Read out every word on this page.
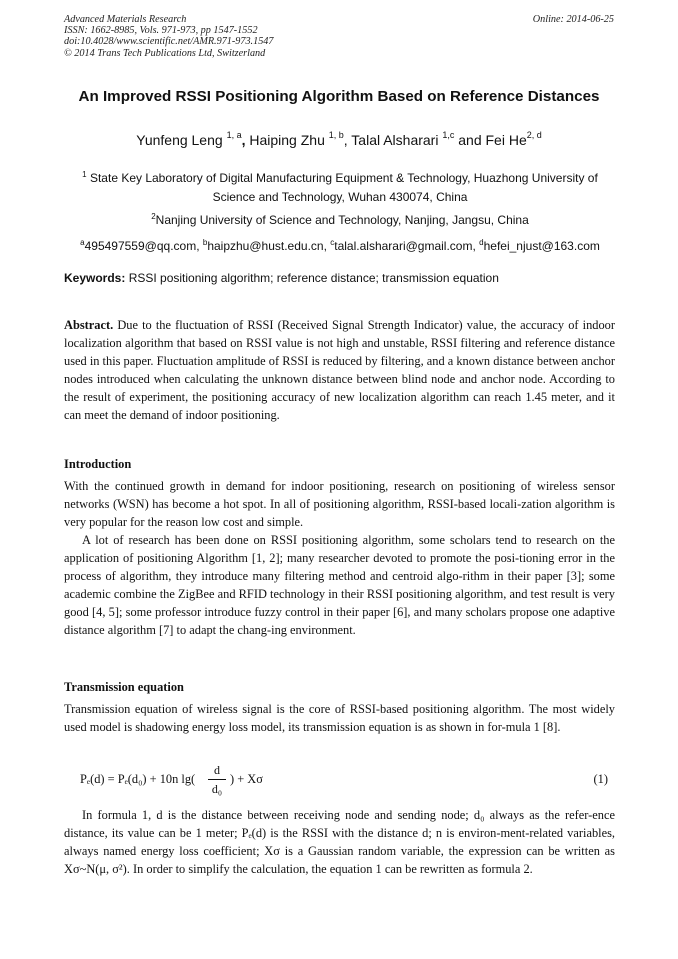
Advanced Materials Research
ISSN: 1662-8985, Vols. 971-973, pp 1547-1552
doi:10.4028/www.scientific.net/AMR.971-973.1547
© 2014 Trans Tech Publications Ltd, Switzerland
Online: 2014-06-25
An Improved RSSI Positioning Algorithm Based on Reference Distances
Yunfeng Leng $^{1, a}$, Haiping Zhu $^{1, b}$, Talal Alsharari $^{1,c}$ and Fei He$^{2, d}$
$^1$ State Key Laboratory of Digital Manufacturing Equipment & Technology, Huazhong University of
Science and Technology, Wuhan 430074, China
$^2$Nanjing University of Science and Technology, Nanjing, Jangsu, China
$^a$495497559@qq.com, $^b$haipzhu@hust.edu.cn, $^c$talal.alsharari@gmail.com, $^d$hefei_njust@163.com
Keywords: RSSI positioning algorithm; reference distance; transmission equation
Abstract. Due to the fluctuation of RSSI (Received Signal Strength Indicator) value, the accuracy of indoor localization algorithm that based on RSSI value is not high and unstable, RSSI filtering and reference distance used in this paper. Fluctuation amplitude of RSSI is reduced by filtering, and a known distance between anchor nodes introduced when calculating the unknown distance between blind node and anchor node. According to the result of experiment, the positioning accuracy of new localization algorithm can reach 1.45 meter, and it can meet the demand of indoor positioning.
Introduction
With the continued growth in demand for indoor positioning, research on positioning of wireless sensor networks (WSN) has become a hot spot. In all of positioning algorithm, RSSI-based locali-zation algorithm is very popular for the reason low cost and simple.
A lot of research has been done on RSSI positioning algorithm, some scholars tend to research on the application of positioning Algorithm [1, 2]; many researcher devoted to promote the posi-tioning error in the process of algorithm, they introduce many filtering method and centroid algo-rithm in their paper [3]; some academic combine the ZigBee and RFID technology in their RSSI positioning algorithm, and test result is very good [4, 5]; some professor introduce fuzzy control in their paper [6], and many scholars propose one adaptive distance algorithm [7] to adapt the chang-ing environment.
Transmission equation
Transmission equation of wireless signal is the core of RSSI-based positioning algorithm. The most widely used model is shadowing energy loss model, its transmission equation is as shown in for-mula 1 [8].
Pₑ(d) = Pₑ(d₀) + 10n lg(
d
d₀
) + Xσ	(1)
In formula 1, d is the distance between receiving node and sending node; d₀ always as the refer-ence distance, its value can be 1 meter; Pₑ(d) is the RSSI with the distance d; n is environ-ment-related variables, always named energy loss coefficient; Xσ is a Gaussian random variable, the expression can be written as Xσ~N(μ, σ²). In order to simplify the calculation, the equation 1 can be rewritten as formula 2.
